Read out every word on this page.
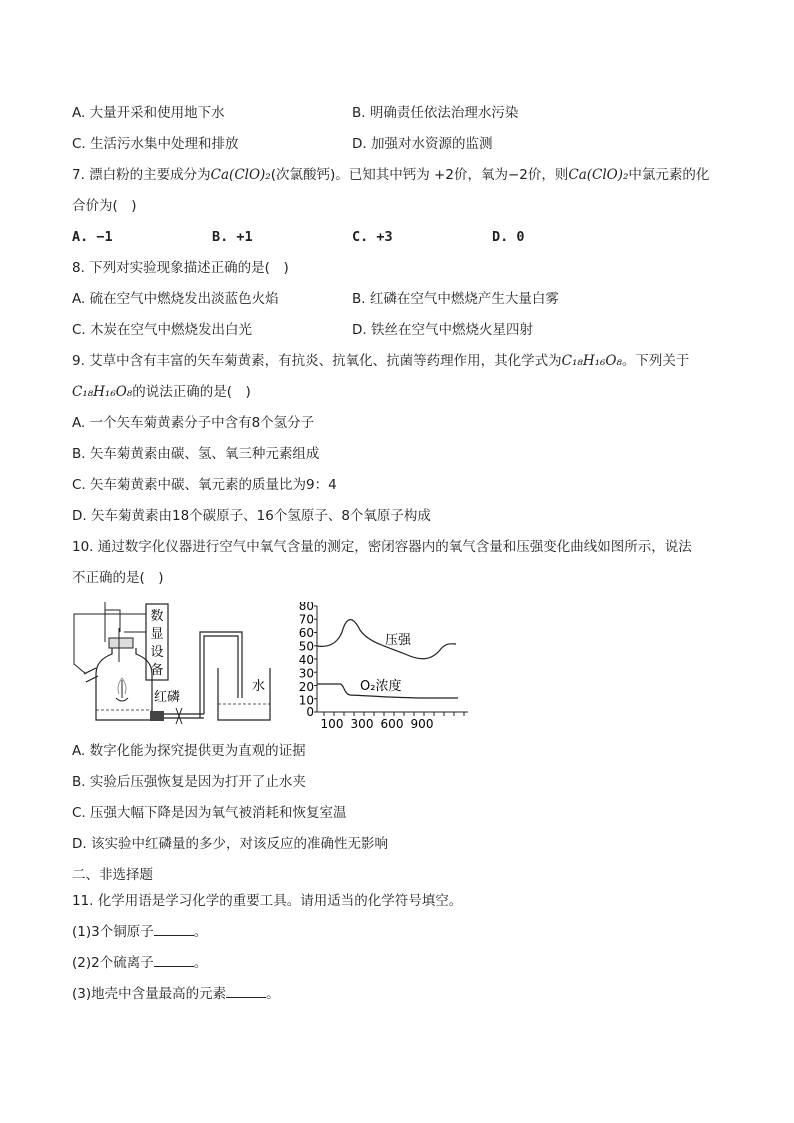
A. 大量开采和使用地下水	B. 明确责任依法治理水污染
C. 生活污水集中处理和排放	D. 加强对水资源的监测
7. 漂白粉的主要成分为Ca(ClO)₂(次氯酸钙)。已知其中钙为 +2价，氧为−2价，则Ca(ClO)₂中氯元素的化
合价为(　)
A. −1	B. +1	C. +3	D. 0
8. 下列对实验现象描述正确的是(　)
A. 硫在空气中燃烧发出淡蓝色火焰	B. 红磷在空气中燃烧产生大量白雾
C. 木炭在空气中燃烧发出白光	D. 铁丝在空气中燃烧火星四射
9. 艾草中含有丰富的矢车菊黄素，有抗炎、抗氧化、抗菌等药理作用，其化学式为C₁₈H₁₆O₈。下列关于
C₁₈H₁₆O₈的说法正确的是(　)
A. 一个矢车菊黄素分子中含有8个氢分子
B. 矢车菊黄素由碳、氢、氧三种元素组成
C. 矢车菊黄素中碳、氧元素的质量比为9：4
D. 矢车菊黄素由18个碳原子、16个氢原子、8个氧原子构成
10. 通过数字化仪器进行空气中氧气含量的测定，密闭容器内的氧气含量和压强变化曲线如图所示，说法
不正确的是(　)
数
显
设
备
红磷
水
压强
O₂浓度
80
70
60
50
40
30
20
10
0
100 300 600 900
A. 数字化能为探究提供更为直观的证据
B. 实验后压强恢复是因为打开了止水夹
C. 压强大幅下降是因为氧气被消耗和恢复室温
D. 该实验中红磷量的多少，对该反应的准确性无影响
二、非选择题
11. 化学用语是学习化学的重要工具。请用适当的化学符号填空。
(1)3个铜原子	。
(2)2个硫离子	。
(3)地壳中含量最高的元素	。
